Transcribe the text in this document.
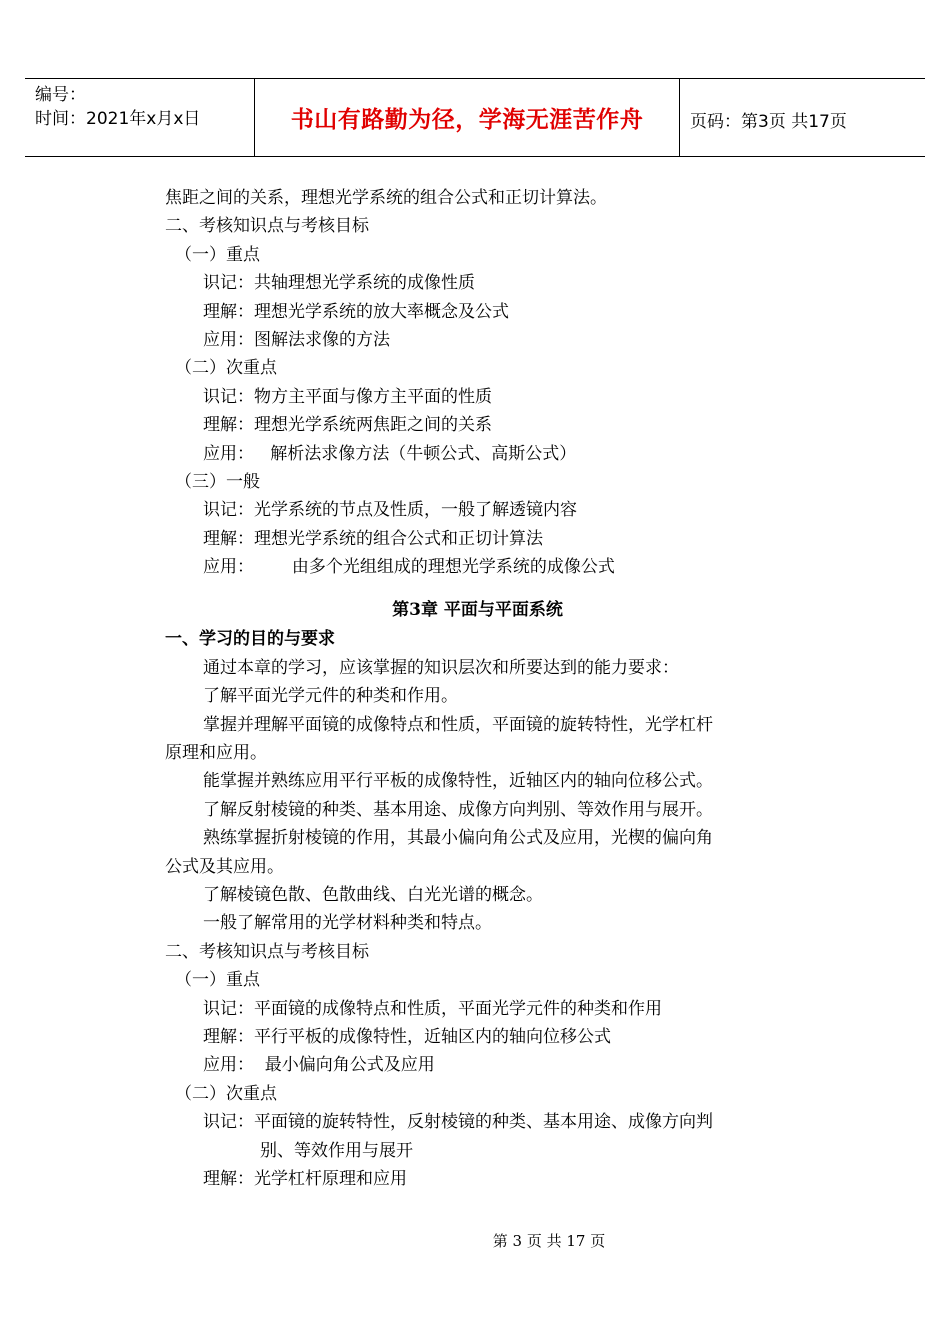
编号：
时间：2021年x月x日	书山有路勤为径，学海无涯苦作舟	页码：第3页 共17页
焦距之间的关系，理想光学系统的组合公式和正切计算法。
二、考核知识点与考核目标
（一）重点
识记：共轴理想光学系统的成像性质
理解：理想光学系统的放大率概念及公式
应用：图解法求像的方法
（二）次重点
识记：物方主平面与像方主平面的性质
理解：理想光学系统两焦距之间的关系
应用：   解析法求像方法（牛顿公式、高斯公式）
（三）一般
识记：光学系统的节点及性质，一般了解透镜内容
理解：理想光学系统的组合公式和正切计算法
应用：       由多个光组组成的理想光学系统的成像公式
第3章 平面与平面系统
一、学习的目的与要求
通过本章的学习，应该掌握的知识层次和所要达到的能力要求：
了解平面光学元件的种类和作用。
掌握并理解平面镜的成像特点和性质，平面镜的旋转特性，光学杠杆
原理和应用。
能掌握并熟练应用平行平板的成像特性，近轴区内的轴向位移公式。
了解反射棱镜的种类、基本用途、成像方向判别、等效作用与展开。
熟练掌握折射棱镜的作用，其最小偏向角公式及应用，光楔的偏向角
公式及其应用。
了解棱镜色散、色散曲线、白光光谱的概念。
一般了解常用的光学材料种类和特点。
二、考核知识点与考核目标
（一）重点
识记：平面镜的成像特点和性质，平面光学元件的种类和作用
理解：平行平板的成像特性，近轴区内的轴向位移公式
应用：  最小偏向角公式及应用
（二）次重点
识记：平面镜的旋转特性，反射棱镜的种类、基本用途、成像方向判
别、等效作用与展开
理解：光学杠杆原理和应用
第 3 页 共 17 页
